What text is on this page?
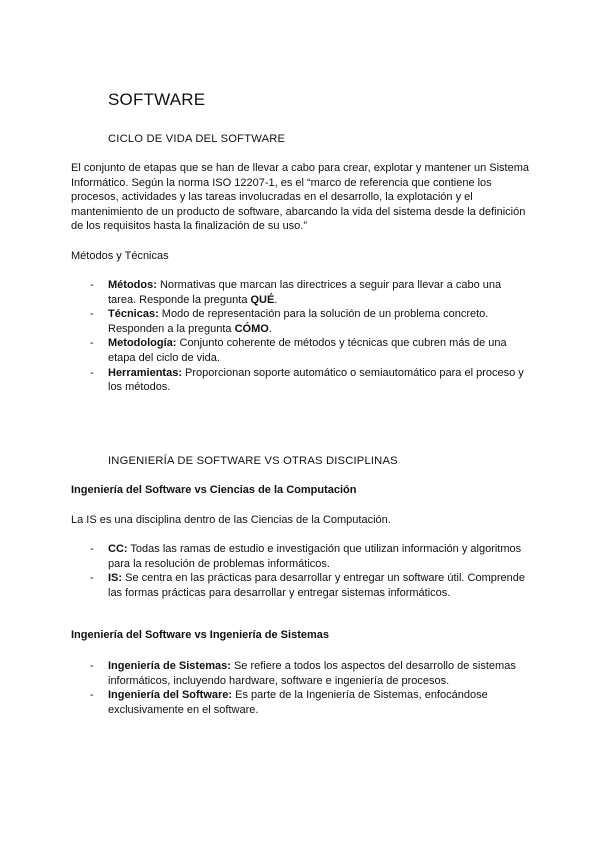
SOFTWARE
CICLO DE VIDA DEL SOFTWARE
El conjunto de etapas que se han de llevar a cabo para crear, explotar y mantener un Sistema Informático. Según la norma ISO 12207-1, es el “marco de referencia que contiene los procesos, actividades y las tareas involucradas en el desarrollo, la explotación y el mantenimiento de un producto de software, abarcando la vida del sistema desde la definición de los requisitos hasta la finalización de su uso.”
Métodos y Técnicas
- Métodos: Normativas que marcan las directrices a seguir para llevar a cabo una tarea. Responde la pregunta QUÉ.
- Técnicas: Modo de representación para la solución de un problema concreto. Responden a la pregunta CÓMO.
- Metodología: Conjunto coherente de métodos y técnicas que cubren más de una etapa del ciclo de vida.
- Herramientas: Proporcionan soporte automático o semiautomático para el proceso y los métodos.
INGENIERÍA DE SOFTWARE VS OTRAS DISCIPLINAS
Ingeniería del Software vs Ciencias de la Computación
La IS es una disciplina dentro de las Ciencias de la Computación.
- CC: Todas las ramas de estudio e investigación que utilizan información y algoritmos para la resolución de problemas informáticos.
- IS: Se centra en las prácticas para desarrollar y entregar un software útil. Comprende las formas prácticas para desarrollar y entregar sistemas informáticos.
Ingeniería del Software vs Ingeniería de Sistemas
- Ingeniería de Sistemas: Se refiere a todos los aspectos del desarrollo de sistemas informáticos, incluyendo hardware, software e ingeniería de procesos.
- Ingeniería del Software: Es parte de la Ingeniería de Sistemas, enfocándose exclusivamente en el software.
